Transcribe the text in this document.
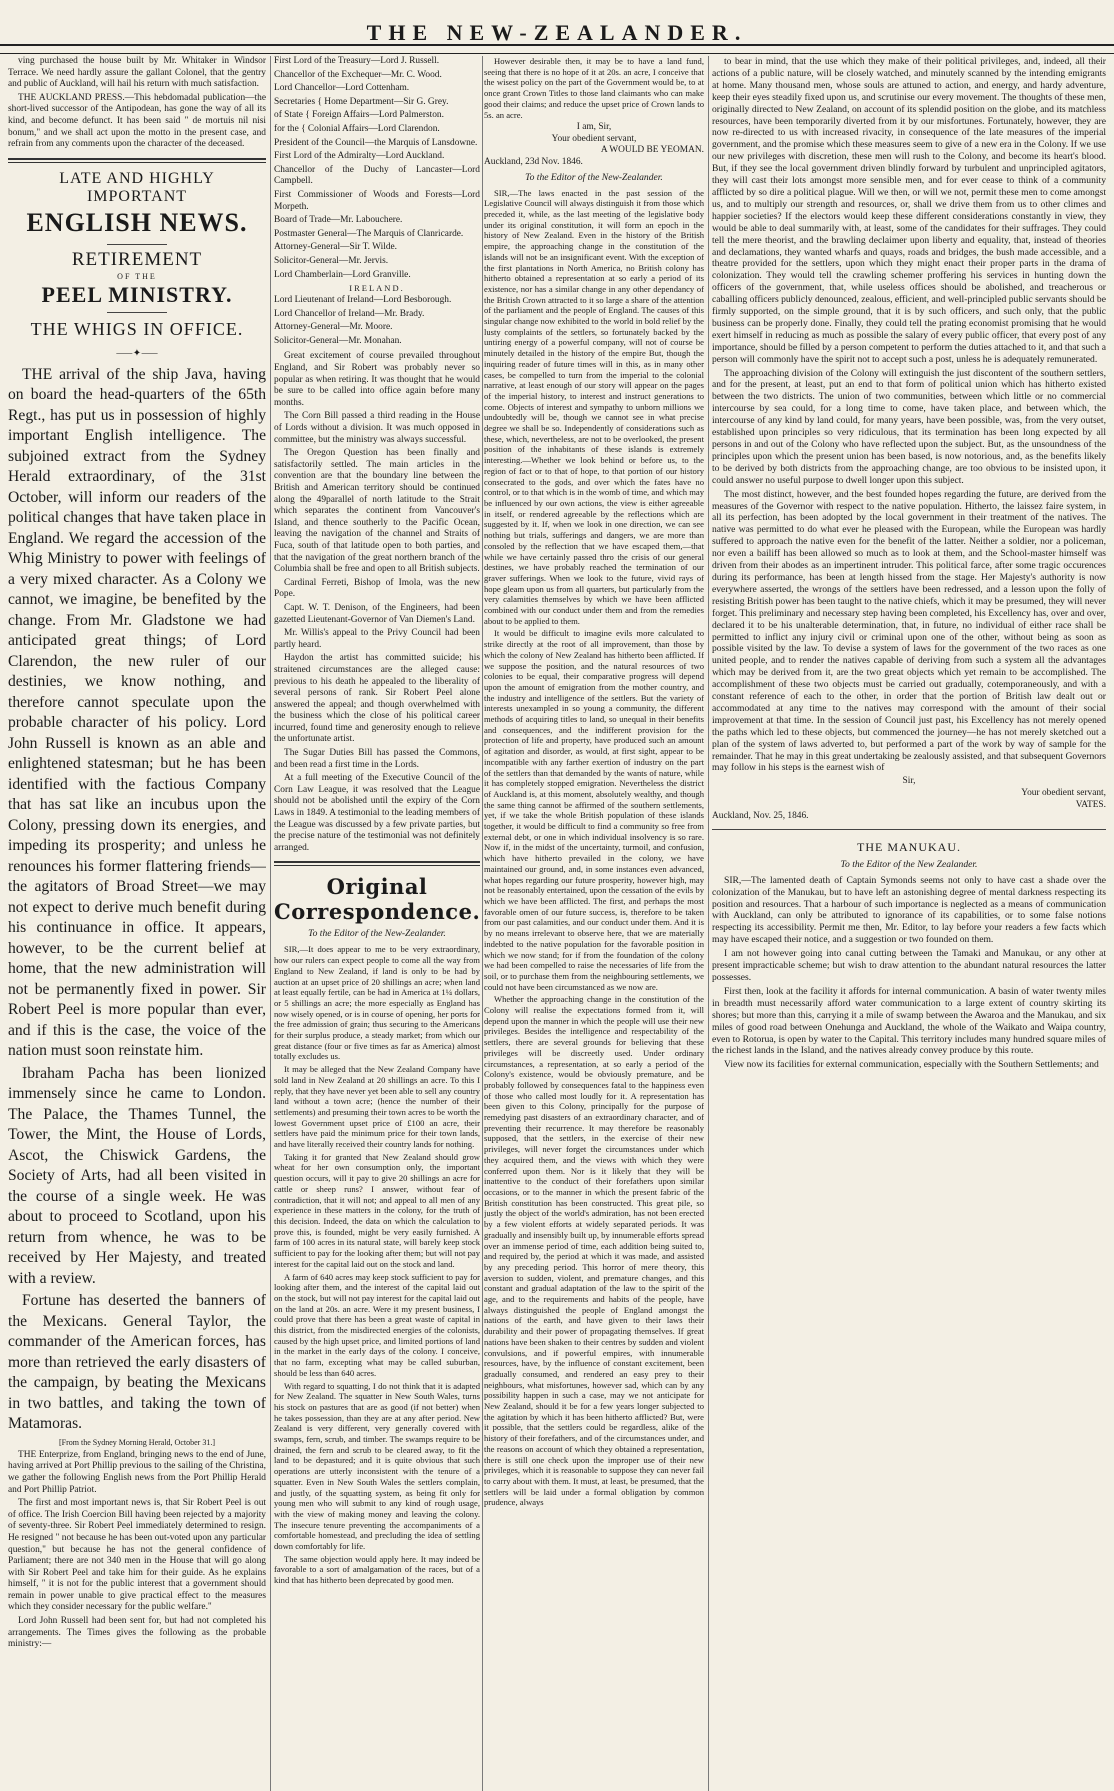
THE NEW-ZEALANDER.

ving purchased the house built by Mr. Whitaker in Windsor Terrace. We need hardly assure the gallant Colonel, that the gentry and public of Auckland, will hail his return with much satisfaction.

THE AUCKLAND PRESS.—This hebdomadal publication—the short-lived successor of the Antipodean, has gone the way of all its kind, and become defunct. It has been said " de mortuis nil nisi bonum," and we shall act upon the motto in the present case, and refrain from any comments upon the character of the deceased.

LATE AND HIGHLY IMPORTANT
ENGLISH NEWS.
RETIREMENT
OF THE
PEEL MINISTRY.
THE WHIGS IN OFFICE.
⸺✦⸺

THE arrival of the ship Java, having on board the head-quarters of the 65th Regt., has put us in possession of highly important English intelligence. The subjoined extract from the Sydney Herald extraordinary, of the 31st October, will inform our readers of the political changes that have taken place in England. We regard the accession of the Whig Ministry to power with feelings of a very mixed character. As a Colony we cannot, we imagine, be benefited by the change. From Mr. Gladstone we had anticipated great things; of Lord Clarendon, the new ruler of our destinies, we know nothing, and therefore cannot speculate upon the probable character of his policy. Lord John Russell is known as an able and enlightened statesman; but he has been identified with the factious Company that has sat like an incubus upon the Colony, pressing down its energies, and impeding its prosperity; and unless he renounces his former flattering friends—the agitators of Broad Street—we may not expect to derive much benefit during his continuance in office. It appears, however, to be the current belief at home, that the new administration will not be permanently fixed in power. Sir Robert Peel is more popular than ever, and if this is the case, the voice of the nation must soon reinstate him.

Ibraham Pacha has been lionized immensely since he came to London. The Palace, the Thames Tunnel, the Tower, the Mint, the House of Lords, Ascot, the Chiswick Gardens, the Society of Arts, had all been visited in the course of a single week. He was about to proceed to Scotland, upon his return from whence, he was to be received by Her Majesty, and treated with a review.

Fortune has deserted the banners of the Mexicans. General Taylor, the commander of the American forces, has more than retrieved the early disasters of the campaign, by beating the Mexicans in two battles, and taking the town of Matamoras.

[From the Sydney Morning Herald, October 31.]

THE Enterprize, from England, bringing news to the end of June, having arrived at Port Phillip previous to the sailing of the Christina, we gather the following English news from the Port Phillip Herald and Port Phillip Patriot.

The first and most important news is, that Sir Robert Peel is out of office. The Irish Coercion Bill having been rejected by a majority of seventy-three. Sir Robert Peel immediately determined to resign. He resigned " not because he has been out-voted upon any particular question," but because he has not the general confidence of Parliament; there are not 340 men in the House that will go along with Sir Robert Peel and take him for their guide. As he explains himself, " it is not for the public interest that a government should remain in power unable to give practical effect to the measures which they consider necessary for the public welfare."

Lord John Russell had been sent for, but had not completed his arrangements. The Times gives the following as the probable ministry:—

First Lord of the Treasury—Lord J. Russell.

Chancellor of the Exchequer—Mr. C. Wood.

Lord Chancellor—Lord Cottenham.

Secretaries { Home Department—Sir G. Grey.

of State { Foreign Affairs—Lord Palmerston.

for the { Colonial Affairs—Lord Clarendon.

President of the Council—the Marquis of Lansdowne.

First Lord of the Admiralty—Lord Auckland.

Chancellor of the Duchy of Lancaster—Lord Campbell.

First Commissioner of Woods and Forests—Lord Morpeth.

Board of Trade—Mr. Labouchere.

Postmaster General—The Marquis of Clanricarde.

Attorney-General—Sir T. Wilde.

Solicitor-General—Mr. Jervis.

Lord Chamberlain—Lord Granville.

IRELAND.

Lord Lieutenant of Ireland—Lord Besborough.

Lord Chancellor of Ireland—Mr. Brady.

Attorney-General—Mr. Moore.

Solicitor-General—Mr. Monahan.

Great excitement of course prevailed throughout England, and Sir Robert was probably never so popular as when retiring. It was thought that he would be sure to be called into office again before many months.

The Corn Bill passed a third reading in the House of Lords without a division. It was much opposed in committee, but the ministry was always successful.

The Oregon Question has been finally and satisfactorily settled. The main articles in the convention are that the boundary line between the British and American territory should be continued along the 49parallel of north latitude to the Strait which separates the continent from Vancouver's Island, and thence southerly to the Pacific Ocean, leaving the navigation of the channel and Straits of Fuca, south of that latitude open to both parties, and that the navigation of the great northern branch of the Columbia shall be free and open to all British subjects.

Cardinal Ferreti, Bishop of Imola, was the new Pope.

Capt. W. T. Denison, of the Engineers, had been gazetted Lieutenant-Governor of Van Diemen's Land.

Mr. Willis's appeal to the Privy Council had been partly heard.

Haydon the artist has committed suicide; his straitened circumstances are the alleged cause: previous to his death he appealed to the liberality of several persons of rank. Sir Robert Peel alone answered the appeal; and though overwhelmed with the business which the close of his political career incurred, found time and generosity enough to relieve the unfortunate artist.

The Sugar Duties Bill has passed the Commons, and been read a first time in the Lords.

At a full meeting of the Executive Council of the Corn Law League, it was resolved that the League should not be abolished until the expiry of the Corn Laws in 1849. A testimonial to the leading members of the League was discussed by a few private parties, but the precise nature of the testimonial was not definitely arranged.

Original Correspondence.
To the Editor of the New-Zealander.

SIR,—It does appear to me to be very extraordinary, how our rulers can expect people to come all the way from England to New Zealand, if land is only to be had by auction at an upset price of 20 shillings an acre; when land at least equally fertile, can be had in America at 1¼ dollars, or 5 shillings an acre; the more especially as England has now wisely opened, or is in course of opening, her ports for the free admission of grain; thus securing to the Americans for their surplus produce, a steady market; from which our great distance (four or five times as far as America) almost totally excludes us.

It may be alleged that the New Zealand Company have sold land in New Zealand at 20 shillings an acre. To this I reply, that they have never yet been able to sell any country land without a town acre; (hence the number of their settlements) and presuming their town acres to be worth the lowest Government upset price of £100 an acre, their settlers have paid the minimum price for their town lands, and have literally received their country lands for nothing.

Taking it for granted that New Zealand should grow wheat for her own consumption only, the important question occurs, will it pay to give 20 shillings an acre for cattle or sheep runs? I answer, without fear of contradiction, that it will not; and appeal to all men of any experience in these matters in the colony, for the truth of this decision. Indeed, the data on which the calculation to prove this, is founded, might be very easily furnished. A farm of 100 acres in its natural state, will barely keep stock sufficient to pay for the looking after them; but will not pay interest for the capital laid out on the stock and land.

A farm of 640 acres may keep stock sufficient to pay for looking after them, and the interest of the capital laid out on the stock, but will not pay interest for the capital laid out on the land at 20s. an acre. Were it my present business, I could prove that there has been a great waste of capital in this district, from the misdirected energies of the colonists, caused by the high upset price, and limited portions of land in the market in the early days of the colony. I conceive, that no farm, excepting what may be called suburban, should be less than 640 acres.

With regard to squatting, I do not think that it is adapted for New Zealand. The squatter in New South Wales, turns his stock on pastures that are as good (if not better) when he takes possession, than they are at any after period. New Zealand is very different, very generally covered with swamps, fern, scrub, and timber. The swamps require to be drained, the fern and scrub to be cleared away, to fit the land to be depastured; and it is quite obvious that such operations are utterly inconsistent with the tenure of a squatter. Even in New South Wales the settlers complain, and justly, of the squatting system, as being fit only for young men who will submit to any kind of rough usage, with the view of making money and leaving the colony. The insecure tenure preventing the accompaniments of a comfortable homestead, and precluding the idea of settling down comfortably for life.

The same objection would apply here. It may indeed be favorable to a sort of amalgamation of the races, but of a kind that has hitherto been deprecated by good men.

However desirable then, it may be to have a land fund, seeing that there is no hope of it at 20s. an acre, I conceive that the wisest policy on the part of the Government would be, to at once grant Crown Titles to those land claimants who can make good their claims; and reduce the upset price of Crown lands to 5s. an acre.

I am, Sir,
Your obedient servant,
A WOULD BE YEOMAN.
Auckland, 23d Nov. 1846.
To the Editor of the New-Zealander.

SIR,—The laws enacted in the past session of the Legislative Council will always distinguish it from those which preceded it, while, as the last meeting of the legislative body under its original constitution, it will form an epoch in the history of New Zealand. Even in the history of the British empire, the approaching change in the constitution of the islands will not be an insignificant event. With the exception of the first plantations in North America, no British colony has hitherto obtained a representation at so early a period of its existence, nor has a similar change in any other dependancy of the British Crown attracted to it so large a share of the attention of the parliament and the people of England. The causes of this singular change now exhibited to the world in bold relief by the lusty complaints of the settlers, so fortunately backed by the untiring energy of a powerful company, will not of course be minutely detailed in the history of the empire But, though the inquiring reader of future times will in this, as in many other cases, be compelled to turn from the imperial to the colonial narrative, at least enough of our story will appear on the pages of the imperial history, to interest and instruct generations to come. Objects of interest and sympathy to unborn millions we undoubtedly will be, though we cannot see in what precise degree we shall be so. Independently of considerations such as these, which, nevertheless, are not to be overlooked, the present position of the inhabitants of these islands is extremely interesting.—Whether we look behind or before us, to the region of fact or to that of hope, to that portion of our history consecrated to the gods, and over which the fates have no control, or to that which is in the womb of time, and which may be influenced by our own actions, the view is either agreeable in itself, or rendered agreeable by the reflections which are suggested by it. If, when we look in one direction, we can see nothing but trials, sufferings and dangers, we are more than consoled by the reflection that we have escaped them,—that while we have certainly passed thro the crisis of our general destines, we have probably reached the termination of our graver sufferings. When we look to the future, vivid rays of hope gleam upon us from all quarters, but particularly from the very calamities themselves by which we have been afflicted combined with our conduct under them and from the remedies about to be applied to them.

It would be difficult to imagine evils more calculated to strike directly at the root of all improvement, than those by which the colony of New Zealand has hitherto been afflicted. If we suppose the position, and the natural resources of two colonies to be equal, their comparative progress will depend upon the amount of emigration from the mother country, and the industry and intelligence of the settlers. But the variety of interests unexampled in so young a community, the different methods of acquiring titles to land, so unequal in their benefits and consequences, and the indifferent provision for the protection of life and property, have produced such an amount of agitation and disorder, as would, at first sight, appear to be incompatible with any farther exertion of industry on the part of the settlers than that demanded by the wants of nature, while it has completely stopped emigration. Nevertheless the district of Auckland is, at this moment, absolutely wealthy, and though the same thing cannot be affirmed of the southern settlements, yet, if we take the whole British population of these islands together, it would be difficult to find a community so free from external debt, or one in which individual insolvency is so rare. Now if, in the midst of the uncertainty, turmoil, and confusion, which have hitherto prevailed in the colony, we have maintained our ground, and, in some instances even advanced, what hopes regarding our future prosperity, however high, may not be reasonably entertained, upon the cessation of the evils by which we have been afflicted. The first, and perhaps the most favorable omen of our future success, is, therefore to be taken from our past calamities, and our conduct under them. And it is by no means irrelevant to observe here, that we are materially indebted to the native population for the favorable position in which we now stand; for if from the foundation of the colony we had been compelled to raise the necessaries of life from the soil, or to purchase them from the neighbouring settlements, we could not have been circumstanced as we now are.

Whether the approaching change in the constitution of the Colony will realise the expectations formed from it, will depend upon the manner in which the people will use their new privileges. Besides the intelligence and respectability of the settlers, there are several grounds for believing that these privileges will be discreetly used. Under ordinary circumstances, a representation, at so early a period of the Colony's existence, would be obviously premature, and be probably followed by consequences fatal to the happiness even of those who called most loudly for it. A representation has been given to this Colony, principally for the purpose of remedying past disasters of an extraordinary character, and of preventing their recurrence. It may therefore be reasonably supposed, that the settlers, in the exercise of their new privileges, will never forget the circumstances under which they acquired them, and the views with which they were conferred upon them. Nor is it likely that they will be inattentive to the conduct of their forefathers upon similar occasions, or to the manner in which the present fabric of the British constitution has been constructed. This great pile, so justly the object of the world's admiration, has not been erected by a few violent efforts at widely separated periods. It was gradually and insensibly built up, by innumerable efforts spread over an immense period of time, each addition being suited to, and required by, the period at which it was made, and assisted by any preceding period. This horror of mere theory, this aversion to sudden, violent, and premature changes, and this constant and gradual adaptation of the law to the spirit of the age, and to the requirements and habits of the people, have always distinguished the people of England amongst the nations of the earth, and have given to their laws their durability and their power of propagating themselves. If great nations have been shaken to their centres by sudden and violent convulsions, and if powerful empires, with innumerable resources, have, by the influence of constant excitement, been gradually consumed, and rendered an easy prey to their neighbours, what misfortunes, however sad, which can by any possibility happen in such a case, may we not anticipate for New Zealand, should it be for a few years longer subjected to the agitation by which it has been hitherto afflicted? But, were it possible, that the settlers could be regardless, alike of the history of their forefathers, and of the circumstances under, and the reasons on account of which they obtained a representation, there is still one check upon the improper use of their new privileges, which it is reasonable to suppose they can never fail to carry about with them. It must, at least, be presumed, that the settlers will be laid under a formal obligation by common prudence, always

to bear in mind, that the use which they make of their political privileges, and, indeed, all their actions of a public nature, will be closely watched, and minutely scanned by the intending emigrants at home. Many thousand men, whose souls are attuned to action, and energy, and hardy adventure, keep their eyes steadily fixed upon us, and scrutinise our every movement. The thoughts of these men, originally directed to New Zealand, on account of its splendid position on the globe, and its matchless resources, have been temporarily diverted from it by our misfortunes. Fortunately, however, they are now re-directed to us with increased rivacity, in consequence of the late measures of the imperial government, and the promise which these measures seem to give of a new era in the Colony. If we use our new privileges with discretion, these men will rush to the Colony, and become its heart's blood. But, if they see the local government driven blindly forward by turbulent and unprincipled agitators, they will cast their lots amongst more sensible men, and for ever cease to think of a community afflicted by so dire a political plague. Will we then, or will we not, permit these men to come amongst us, and to multiply our strength and resources, or, shall we drive them from us to other climes and happier societies? If the electors would keep these different considerations constantly in view, they would be able to deal summarily with, at least, some of the candidates for their suffrages. They could tell the mere theorist, and the brawling declaimer upon liberty and equality, that, instead of theories and declamations, they wanted wharfs and quays, roads and bridges, the bush made accessible, and a theatre provided for the settlers, upon which they might enact their proper parts in the drama of colonization. They would tell the crawling schemer proffering his services in hunting down the officers of the government, that, while useless offices should be abolished, and treacherous or caballing officers publicly denounced, zealous, efficient, and well-principled public servants should be firmly supported, on the simple ground, that it is by such officers, and such only, that the public business can be properly done. Finally, they could tell the prating economist promising that he would exert himself in reducing as much as possible the salary of every public officer, that every post of any importance, should be filled by a person competent to perform the duties attached to it, and that such a person will commonly have the spirit not to accept such a post, unless he is adequately remunerated.

The approaching division of the Colony will extinguish the just discontent of the southern settlers, and for the present, at least, put an end to that form of political union which has hitherto existed between the two districts. The union of two communities, between which little or no commercial intercourse by sea could, for a long time to come, have taken place, and between which, the intercourse of any kind by land could, for many years, have been possible, was, from the very outset, established upon principles so very ridiculous, that its termination has been long expected by all persons in and out of the Colony who have reflected upon the subject. But, as the unsoundness of the principles upon which the present union has been based, is now notorious, and, as the benefits likely to be derived by both districts from the approaching change, are too obvious to be insisted upon, it could answer no useful purpose to dwell longer upon this subject.

The most distinct, however, and the best founded hopes regarding the future, are derived from the measures of the Governor with respect to the native population. Hitherto, the laissez faire system, in all its perfection, has been adopted by the local government in their treatment of the natives. The native was permitted to do what ever he pleased with the European, while the European was hardly suffered to approach the native even for the benefit of the latter. Neither a soldier, nor a policeman, nor even a bailiff has been allowed so much as to look at them, and the School-master himself was driven from their abodes as an impertinent intruder. This political farce, after some tragic occurences during its performance, has been at length hissed from the stage. Her Majesty's authority is now everywhere asserted, the wrongs of the settlers have been redressed, and a lesson upon the folly of resisting British power has been taught to the native chiefs, which it may be presumed, they will never forget. This preliminary and necessary step having been completed, his Excellency has, over and over, declared it to be his unalterable determination, that, in future, no individual of either race shall be permitted to inflict any injury civil or criminal upon one of the other, without being as soon as possible visited by the law. To devise a system of laws for the government of the two races as one united people, and to render the natives capable of deriving from such a system all the advantages which may be derived from it, are the two great objects which yet remain to be accomplished. The accomplishment of these two objects must be carried out gradually, cotemporaneously, and with a constant reference of each to the other, in order that the portion of British law dealt out or accommodated at any time to the natives may correspond with the amount of their social improvement at that time. In the session of Council just past, his Excellency has not merely opened the paths which led to these objects, but commenced the journey—he has not merely sketched out a plan of the system of laws adverted to, but performed a part of the work by way of sample for the remainder. That he may in this great undertaking be zealously assisted, and that subsequent Governors may follow in his steps is the earnest wish of

Sir,
Your obedient servant,
VATES.
Auckland, Nov. 25, 1846.
THE MANUKAU.
To the Editor of the New Zealander.

SIR,—The lamented death of Captain Symonds seems not only to have cast a shade over the colonization of the Manukau, but to have left an astonishing degree of mental darkness respecting its position and resources. That a harbour of such importance is neglected as a means of communication with Auckland, can only be attributed to ignorance of its capabilities, or to some false notions respecting its accessibility. Permit me then, Mr. Editor, to lay before your readers a few facts which may have escaped their notice, and a suggestion or two founded on them.

I am not however going into canal cutting between the Tamaki and Manukau, or any other at present impracticable scheme; but wish to draw attention to the abundant natural resources the latter possesses.

First then, look at the facility it affords for internal communication. A basin of water twenty miles in breadth must necessarily afford water communication to a large extent of country skirting its shores; but more than this, carrying it a mile of swamp between the Awaroa and the Manukau, and six miles of good road between Onehunga and Auckland, the whole of the Waikato and Waipa country, even to Rotorua, is open by water to the Capital. This territory includes many hundred square miles of the richest lands in the Island, and the natives already convey produce by this route.

View now its facilities for external communication, especially with the Southern Settlements; and
